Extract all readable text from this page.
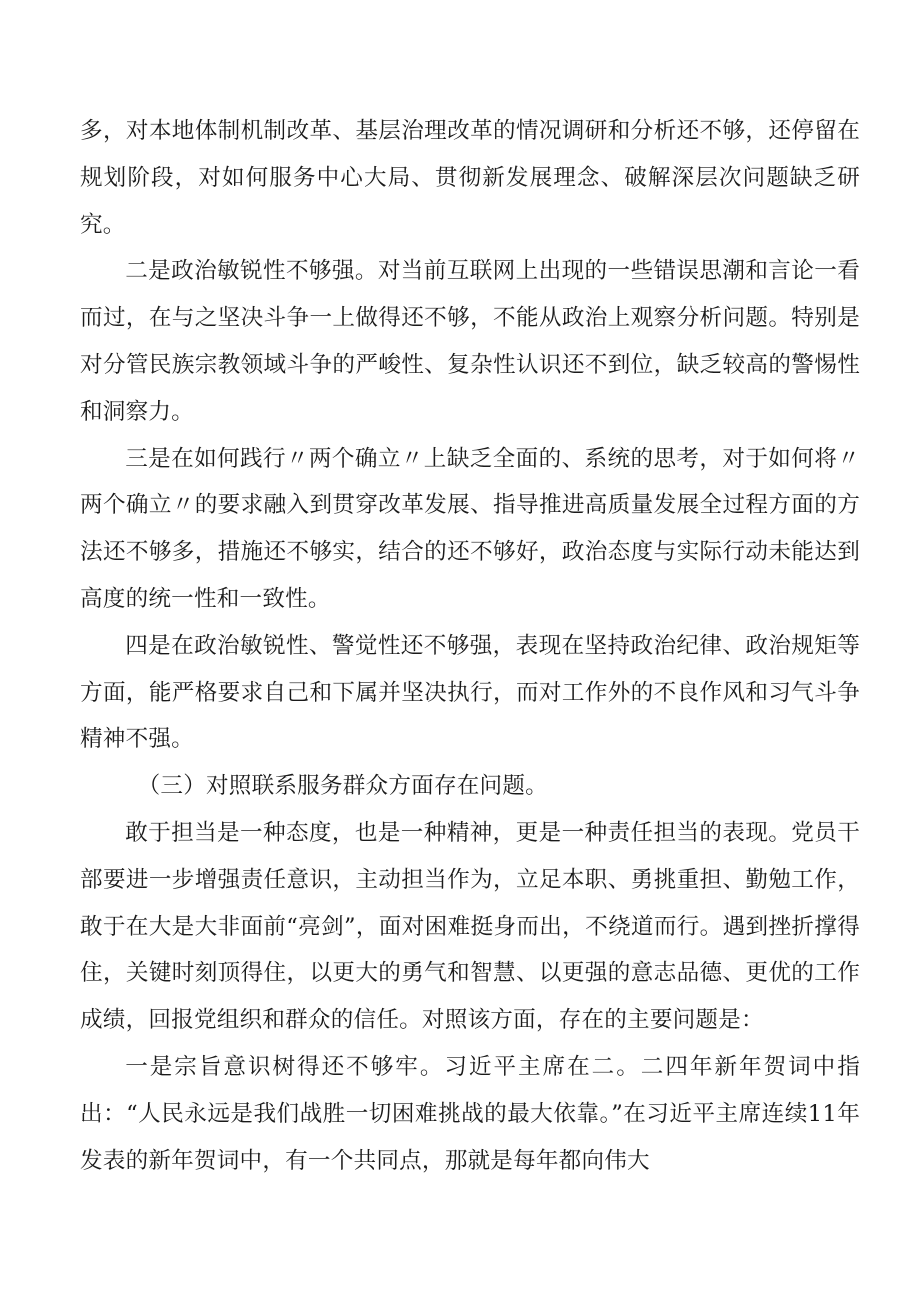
多，对本地体制机制改革、基层治理改革的情况调研和分析还不够，还停留在规划阶段，对如何服务中心大局、贯彻新发展理念、破解深层次问题缺乏研究。

二是政治敏锐性不够强。对当前互联网上出现的一些错误思潮和言论一看而过，在与之坚决斗争一上做得还不够，不能从政治上观察分析问题。特别是对分管民族宗教领域斗争的严峻性、复杂性认识还不到位，缺乏较高的警惕性和洞察力。

三是在如何践行〃两个确立〃上缺乏全面的、系统的思考，对于如何将〃两个确立〃的要求融入到贯穿改革发展、指导推进高质量发展全过程方面的方法还不够多，措施还不够实，结合的还不够好，政治态度与实际行动未能达到高度的统一性和一致性。

四是在政治敏锐性、警觉性还不够强，表现在坚持政治纪律、政治规矩等方面，能严格要求自己和下属并坚决执行，而对工作外的不良作风和习气斗争精神不强。

（三）对照联系服务群众方面存在问题。

敢于担当是一种态度，也是一种精神，更是一种责任担当的表现。党员干部要进一步增强责任意识，主动担当作为，立足本职、勇挑重担、勤勉工作，敢于在大是大非面前“亮剑”，面对困难挺身而出，不绕道而行。遇到挫折撑得住，关键时刻顶得住，以更大的勇气和智慧、以更强的意志品德、更优的工作成绩，回报党组织和群众的信任。对照该方面，存在的主要问题是：

一是宗旨意识树得还不够牢。习近平主席在二。二四年新年贺词中指出：“人民永远是我们战胜一切困难挑战的最大依靠。”在习近平主席连续11年发表的新年贺词中，有一个共同点，那就是每年都向伟大
